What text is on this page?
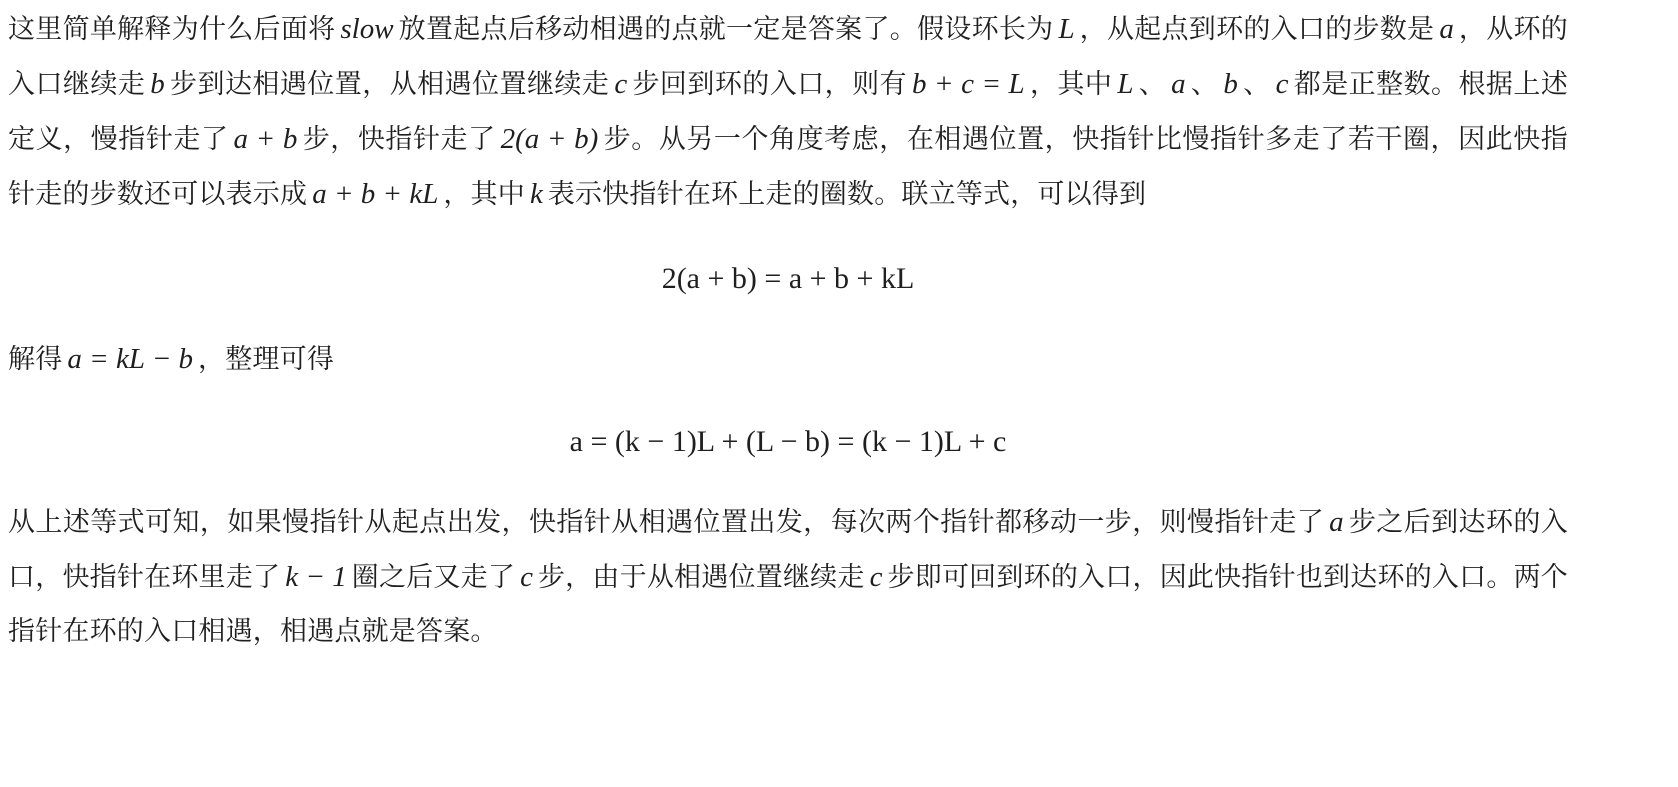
这里简单解释为什么后面将 slow 放置起点后移动相遇的点就一定是答案了。假设环长为 L ，从起点到环的入口的步数是 a ，从环的入口继续走 b 步到达相遇位置，从相遇位置继续走 c 步回到环的入口，则有 b + c = L ，其中 L 、 a 、 b 、 c 都是正整数。根据上述定义，慢指针走了 a + b 步，快指针走了 2(a + b) 步。从另一个角度考虑，在相遇位置，快指针比慢指针多走了若干圈，因此快指针走的步数还可以表示成 a + b + kL ，其中 k 表示快指针在环上走的圈数。联立等式，可以得到

2(a + b) = a + b + kL

解得 a = kL − b ，整理可得

a = (k − 1)L + (L − b) = (k − 1)L + c

从上述等式可知，如果慢指针从起点出发，快指针从相遇位置出发，每次两个指针都移动一步，则慢指针走了 a 步之后到达环的入口，快指针在环里走了 k − 1 圈之后又走了 c 步，由于从相遇位置继续走 c 步即可回到环的入口，因此快指针也到达环的入口。两个指针在环的入口相遇，相遇点就是答案。
